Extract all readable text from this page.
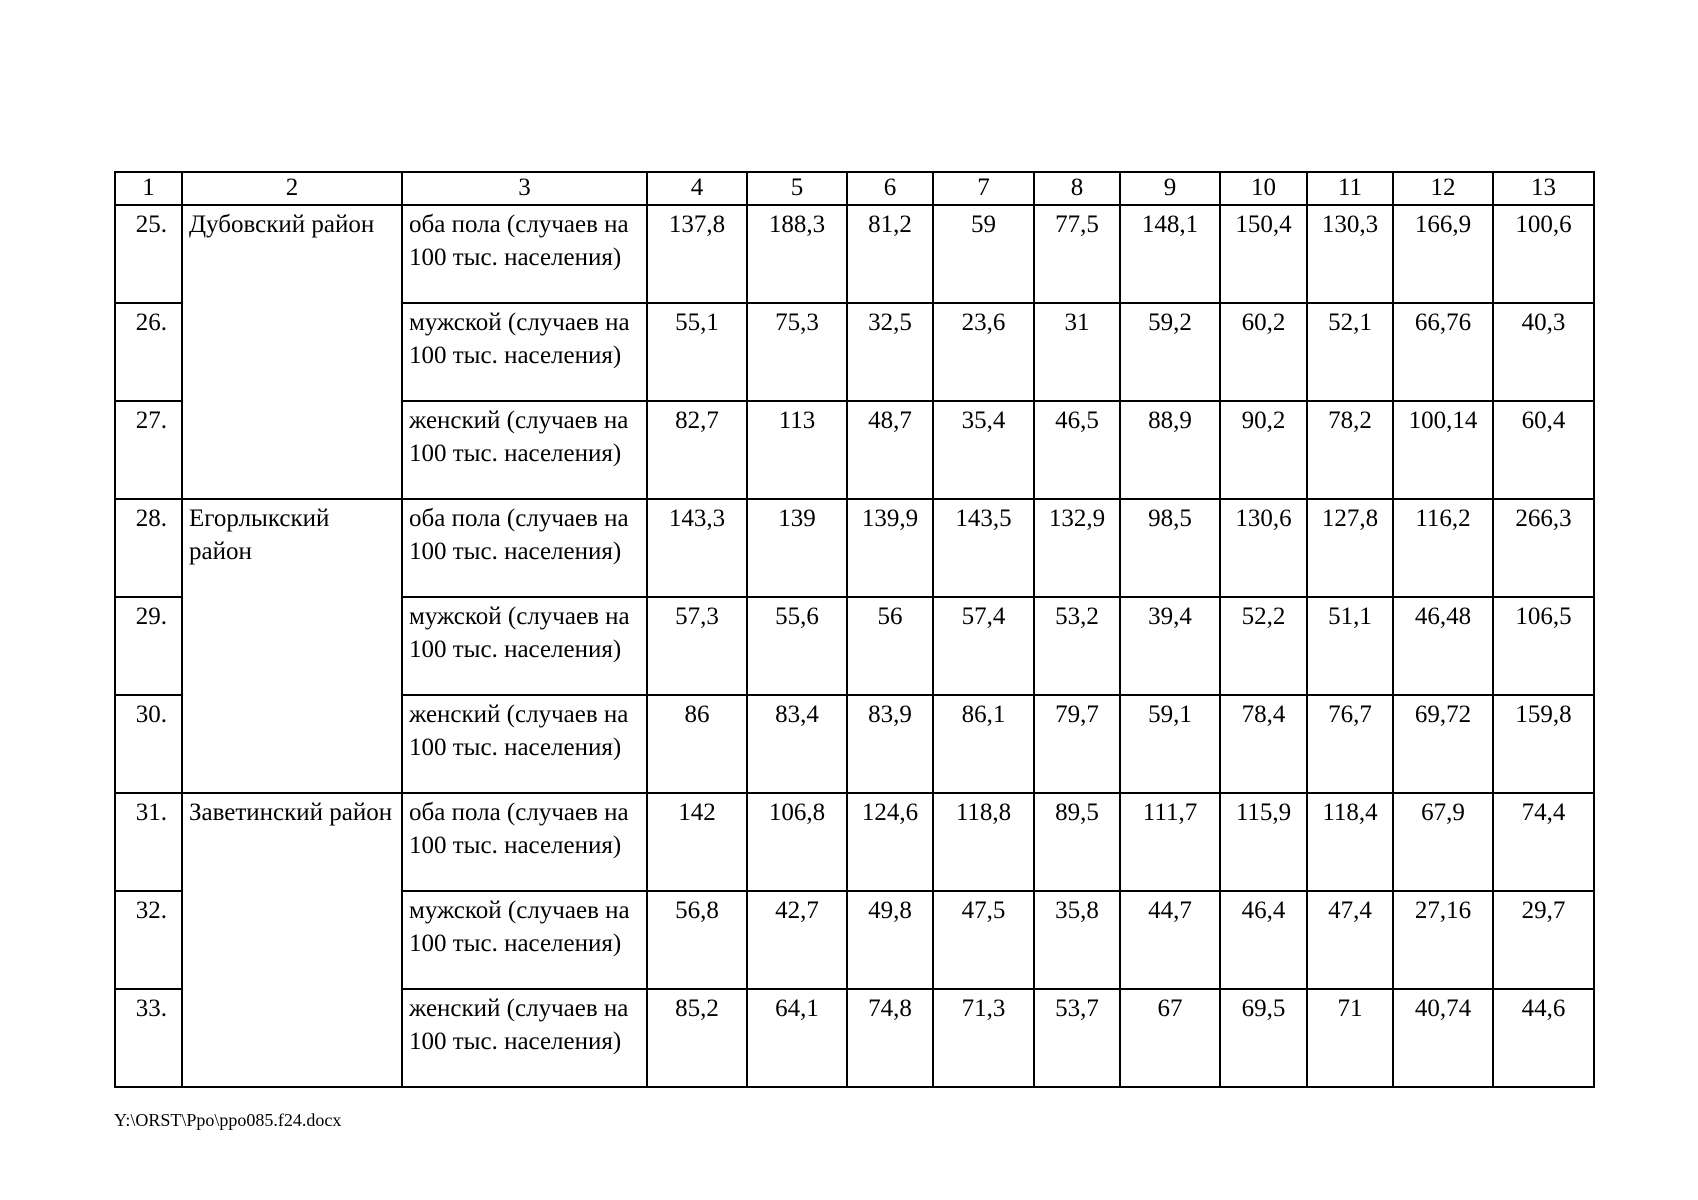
1	2	3	4	5	6	7	8	9	10	11	12	13
25.	Дубовский район	оба пола (случаев на 100 тыс. населения)	137,8	188,3	81,2	59	77,5	148,1	150,4	130,3	166,9	100,6
26.		мужской (случаев на 100 тыс. населения)	55,1	75,3	32,5	23,6	31	59,2	60,2	52,1	66,76	40,3
27.		женский (случаев на 100 тыс. населения)	82,7	113	48,7	35,4	46,5	88,9	90,2	78,2	100,14	60,4
28.	Егорлыкский район	оба пола (случаев на 100 тыс. населения)	143,3	139	139,9	143,5	132,9	98,5	130,6	127,8	116,2	266,3
29.		мужской (случаев на 100 тыс. населения)	57,3	55,6	56	57,4	53,2	39,4	52,2	51,1	46,48	106,5
30.		женский (случаев на 100 тыс. населения)	86	83,4	83,9	86,1	79,7	59,1	78,4	76,7	69,72	159,8
31.	Заветинский район	оба пола (случаев на 100 тыс. населения)	142	106,8	124,6	118,8	89,5	111,7	115,9	118,4	67,9	74,4
32.		мужской (случаев на 100 тыс. населения)	56,8	42,7	49,8	47,5	35,8	44,7	46,4	47,4	27,16	29,7
33.		женский (случаев на 100 тыс. населения)	85,2	64,1	74,8	71,3	53,7	67	69,5	71	40,74	44,6
Y:\ORST\Ppo\ppo085.f24.docx
